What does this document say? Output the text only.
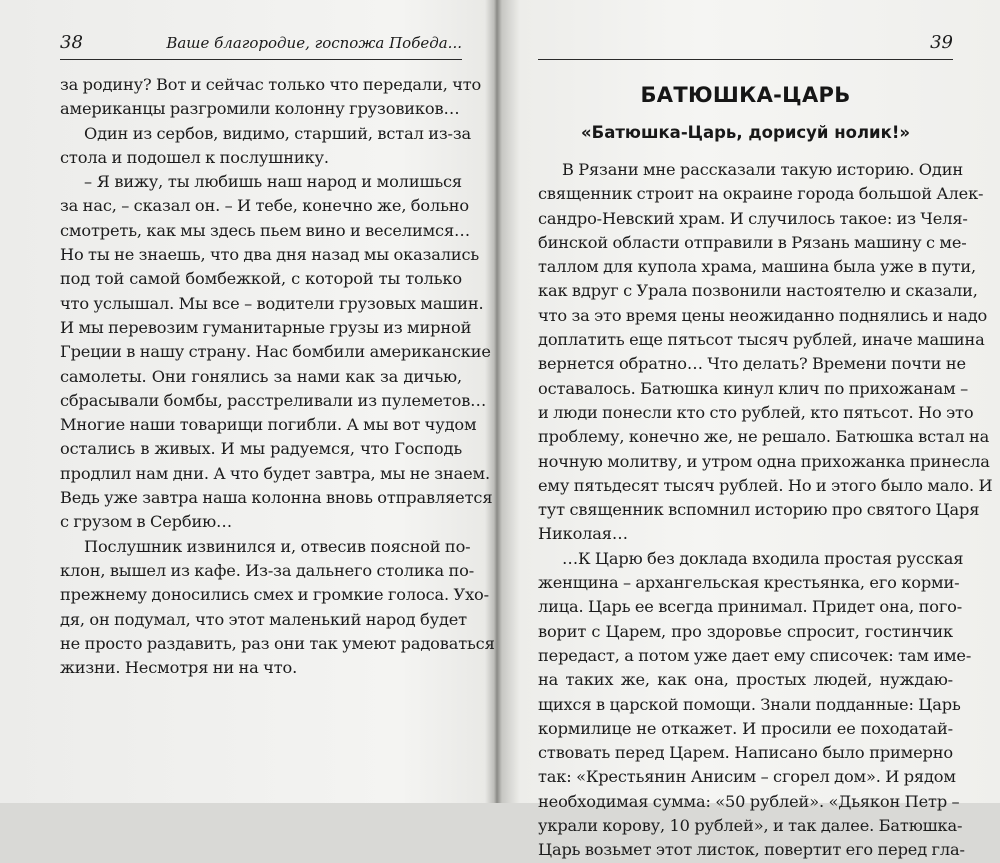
38	Ваше благородие, госпожа Победа...
за родину? Вот и сейчас только что передали, что
американцы разгромили колонну грузовиков…
  Один из сербов, видимо, старший, встал из-за
стола и подошел к послушнику.
  – Я вижу, ты любишь наш народ и молишься
за нас, – сказал он. – И тебе, конечно же, больно
смотреть, как мы здесь пьем вино и веселимся…
Но ты не знаешь, что два дня назад мы оказались
под той самой бомбежкой, с которой ты только
что услышал. Мы все – водители грузовых машин.
И мы перевозим гуманитарные грузы из мирной
Греции в нашу страну. Нас бомбили американские
самолеты. Они гонялись за нами как за дичью,
сбрасывали бомбы, расстреливали из пулеметов…
Многие наши товарищи погибли. А мы вот чудом
остались в живых. И мы радуемся, что Господь
продлил нам дни. А что будет завтра, мы не знаем.
Ведь уже завтра наша колонна вновь отправляется
с грузом в Сербию…
  Послушник извинился и, отвесив поясной по-
клон, вышел из кафе. Из-за дальнего столика по-
прежнему доносились смех и громкие голоса. Ухо-
дя, он подумал, что этот маленький народ будет
не просто раздавить, раз они так умеют радоваться
жизни. Несмотря ни на что.
39
БАТЮШКА-ЦАРЬ
«Батюшка-Царь, дорисуй нолик!»
  В Рязани мне рассказали такую историю. Один
священник строит на окраине города большой Алек-
сандро-Невский храм. И случилось такое: из Челя-
бинской области отправили в Рязань машину с ме-
таллом для купола храма, машина была уже в пути,
как вдруг с Урала позвонили настоятелю и сказали,
что за это время цены неожиданно поднялись и надо
доплатить еще пятьсот тысяч рублей, иначе машина
вернется обратно… Что делать? Времени почти не
оставалось. Батюшка кинул клич по прихожанам –
и люди понесли кто сто рублей, кто пятьсот. Но это
проблему, конечно же, не решало. Батюшка встал на
ночную молитву, и утром одна прихожанка принесла
ему пятьдесят тысяч рублей. Но и этого было мало. И
тут священник вспомнил историю про святого Царя
Николая…
  …К Царю без доклада входила простая русская
женщина – архангельская крестьянка, его корми-
лица. Царь ее всегда принимал. Придет она, пого-
ворит с Царем, про здоровье спросит, гостинчик
передаст, а потом уже дает ему списочек: там име-
на таких же, как она, простых людей, нуждаю-
щихся в царской помощи. Знали подданные: Царь
кормилице не откажет. И просили ее походатай-
ствовать перед Царем. Написано было примерно
так: «Крестьянин Анисим – сгорел дом». И рядом
необходимая сумма: «50 рублей». «Дьякон Петр –
украли корову, 10 рублей», и так далее. Батюшка-
Царь возьмет этот листок, повертит его перед гла-
